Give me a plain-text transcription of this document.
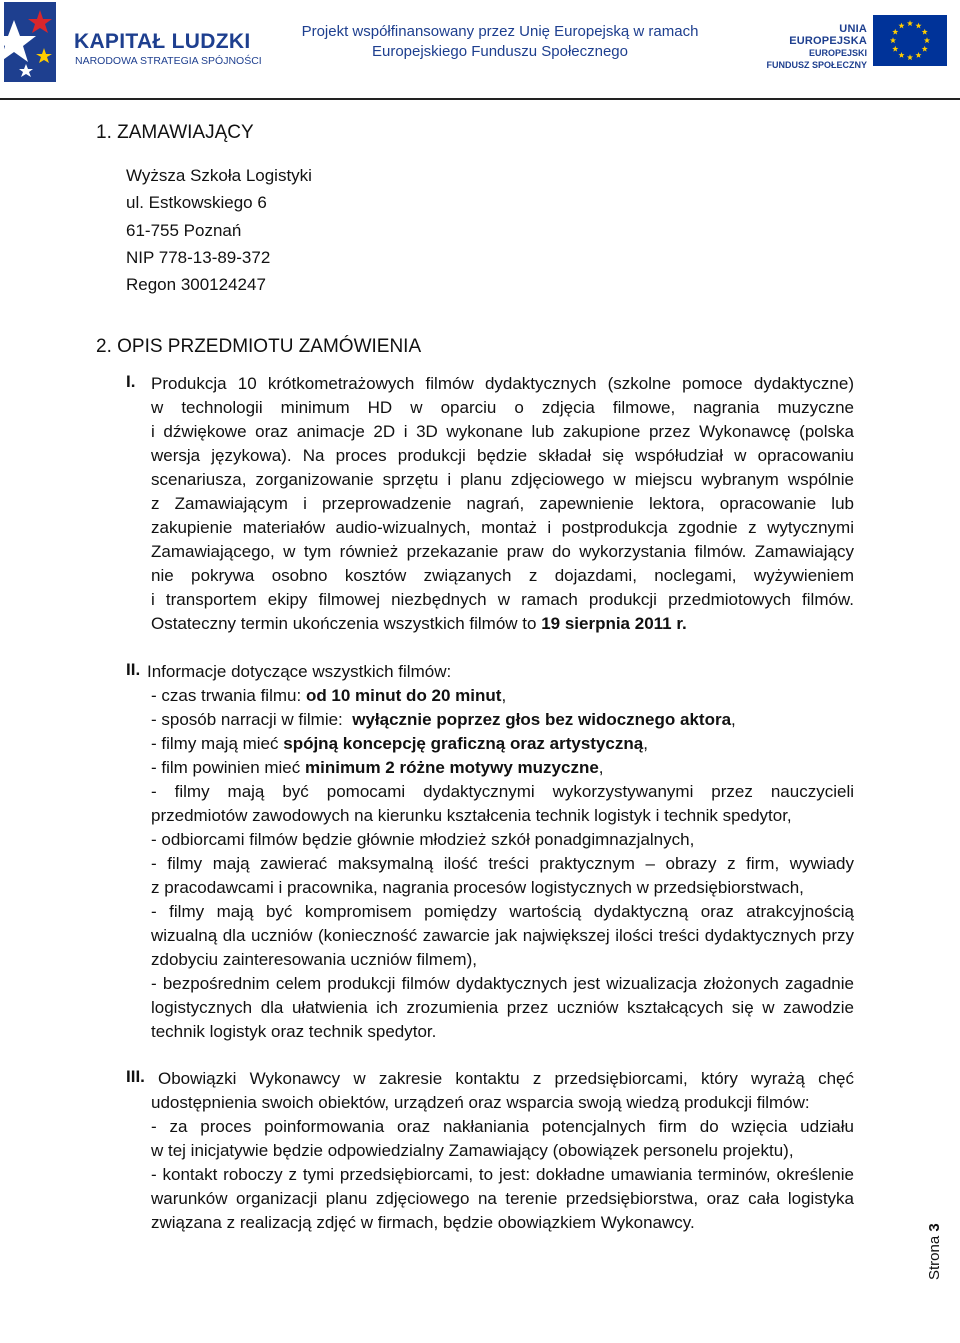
KAPITAŁ LUDZKI
NARODOWA STRATEGIA SPÓJNOŚCI
Projekt współfinansowany przez Unię Europejską w ramach
Europejskiego Funduszu Społecznego
UNIA EUROPEJSKA
EUROPEJSKI
FUNDUSZ SPOŁECZNY
1. ZAMAWIAJĄCY
Wyższa Szkoła Logistyki
ul. Estkowskiego 6
61-755 Poznań
NIP 778-13-89-372
Regon 300124247
2. OPIS PRZEDMIOTU ZAMÓWIENIA
I. Produkcja 10 krótkometrażowych filmów dydaktycznych (szkolne pomoce dydaktyczne)
w technologii minimum HD w oparciu o zdjęcia filmowe, nagrania muzyczne
i dźwiękowe oraz animacje 2D i 3D wykonane lub zakupione przez Wykonawcę (polska
wersja językowa). Na proces produkcji będzie składał się współudział w opracowaniu
scenariusza, zorganizowanie sprzętu i planu zdjęciowego w miejscu wybranym wspólnie
z Zamawiającym i przeprowadzenie nagrań, zapewnienie lektora, opracowanie lub
zakupienie materiałów audio-wizualnych, montaż i postprodukcja zgodnie z wytycznymi
Zamawiającego, w tym również przekazanie praw do wykorzystania filmów. Zamawiający
nie pokrywa osobno kosztów związanych z dojazdami, noclegami, wyżywieniem
i transportem ekipy filmowej niezbędnych w ramach produkcji przedmiotowych filmów.
Ostateczny termin ukończenia wszystkich filmów to 19 sierpnia 2011 r.
II. Informacje dotyczące wszystkich filmów:
- czas trwania filmu: od 10 minut do 20 minut,
- sposób narracji w filmie:  wyłącznie poprzez głos bez widocznego aktora,
- filmy mają mieć spójną koncepcję graficzną oraz artystyczną,
- film powinien mieć minimum 2 różne motywy muzyczne,
- filmy mają być pomocami dydaktycznymi wykorzystywanymi przez nauczycieli
przedmiotów zawodowych na kierunku kształcenia technik logistyk i technik spedytor,
- odbiorcami filmów będzie głównie młodzież szkół ponadgimnazjalnych,
- filmy mają zawierać maksymalną ilość treści praktycznym – obrazy z firm, wywiady
z pracodawcami i pracownika, nagrania procesów logistycznych w przedsiębiorstwach,
- filmy mają być kompromisem pomiędzy wartością dydaktyczną oraz atrakcyjnością
wizualną dla uczniów (konieczność zawarcie jak największej ilości treści dydaktycznych przy
zdobyciu zainteresowania uczniów filmem),
- bezpośrednim celem produkcji filmów dydaktycznych jest wizualizacja złożonych zagadnie
logistycznych dla ułatwienia ich zrozumienia przez uczniów kształcących się w zawodzie
technik logistyk oraz technik spedytor.
III. Obowiązki Wykonawcy w zakresie kontaktu z przedsiębiorcami, który wyrażą chęć
udostępnienia swoich obiektów, urządzeń oraz wsparcia swoją wiedzą produkcji filmów:
- za proces poinformowania oraz nakłaniania potencjalnych firm do wzięcia udziału
w tej inicjatywie będzie odpowiedzialny Zamawiający (obowiązek personelu projektu),
- kontakt roboczy z tymi przedsiębiorcami, to jest: dokładne umawiania terminów, określenie
warunków organizacji planu zdjęciowego na terenie przedsiębiorstwa, oraz cała logistyka
związana z realizacją zdjęć w firmach, będzie obowiązkiem Wykonawcy.
Strona 3
